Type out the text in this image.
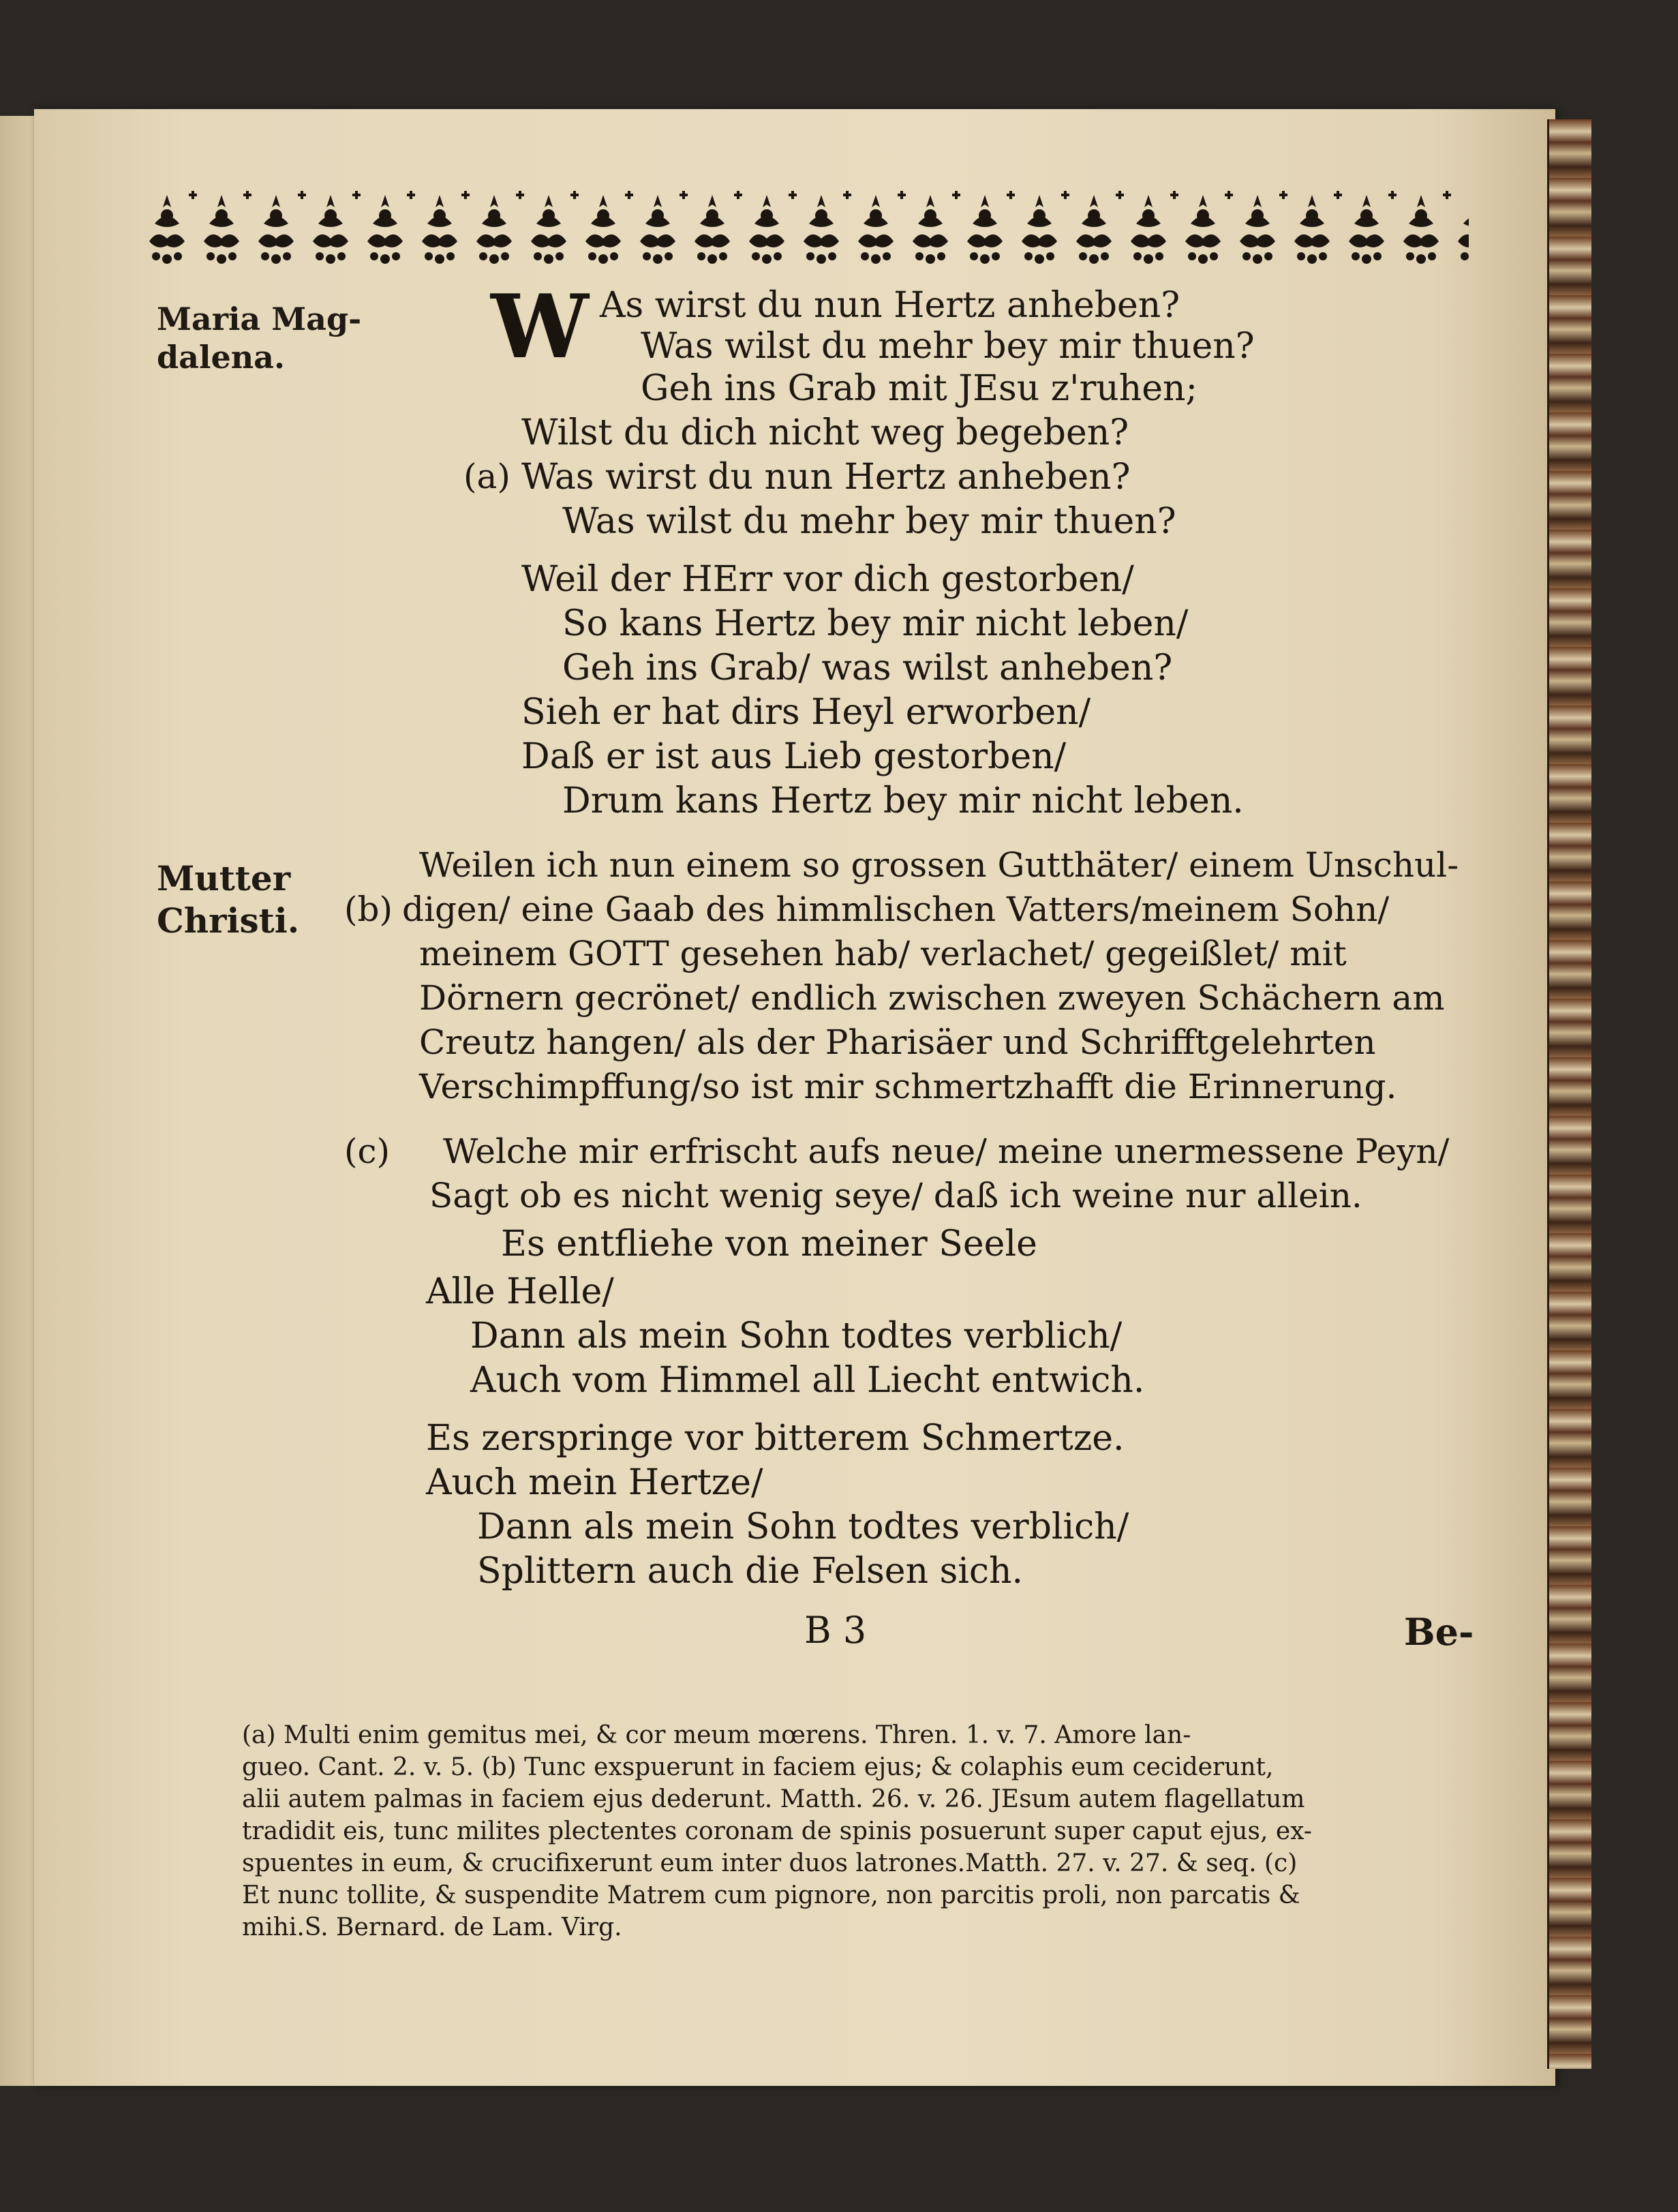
Maria Mag-
dalena.
Mutter
Christi.
W As wirst du nun Hertz anheben?
Was wilst du mehr bey mir thuen?
Geh ins Grab mit JEsu z'ruhen;
Wilst du dich nicht weg begeben?
(a) Was wirst du nun Hertz anheben?
Was wilst du mehr bey mir thuen?
Weil der HErr vor dich gestorben/
So kans Hertz bey mir nicht leben/
Geh ins Grab/ was wilst anheben?
Sieh er hat dirs Heyl erworben/
Daß er ist aus Lieb gestorben/
Drum kans Hertz bey mir nicht leben.
Weilen ich nun einem so grossen Gutthäter/ einem Unschul-
(b) digen/ eine Gaab des himmlischen Vatters/meinem Sohn/
meinem GOTT gesehen hab/ verlachet/ gegeißlet/ mit
Dörnern gecrönet/ endlich zwischen zweyen Schächern am
Creutz hangen/ als der Pharisäer und Schrifftgelehrten
Verschimpffung/so ist mir schmertzhafft die Erinnerung.
(c) Welche mir erfrischt aufs neue/ meine unermessene Peyn/
Sagt ob es nicht wenig seye/ daß ich weine nur allein.
Es entfliehe von meiner Seele
Alle Helle/
Dann als mein Sohn todtes verblich/
Auch vom Himmel all Liecht entwich.
Es zerspringe vor bitterem Schmertze.
Auch mein Hertze/
Dann als mein Sohn todtes verblich/
Splittern auch die Felsen sich.
B 3	Be-
(a) Multi enim gemitus mei, & cor meum mœrens. Thren. 1. v. 7. Amore lan-
gueo. Cant. 2. v. 5. (b) Tunc exspuerunt in faciem ejus; & colaphis eum ceciderunt,
alii autem palmas in faciem ejus dederunt. Matth. 26. v. 26. JEsum autem flagellatum
tradidit eis, tunc milites plectentes coronam de spinis posuerunt super caput ejus, ex-
spuentes in eum, & crucifixerunt eum inter duos latrones.Matth. 27. v. 27. & seq. (c)
Et nunc tollite, & suspendite Matrem cum pignore, non parcitis proli, non parcatis &
mihi.S. Bernard. de Lam. Virg.
